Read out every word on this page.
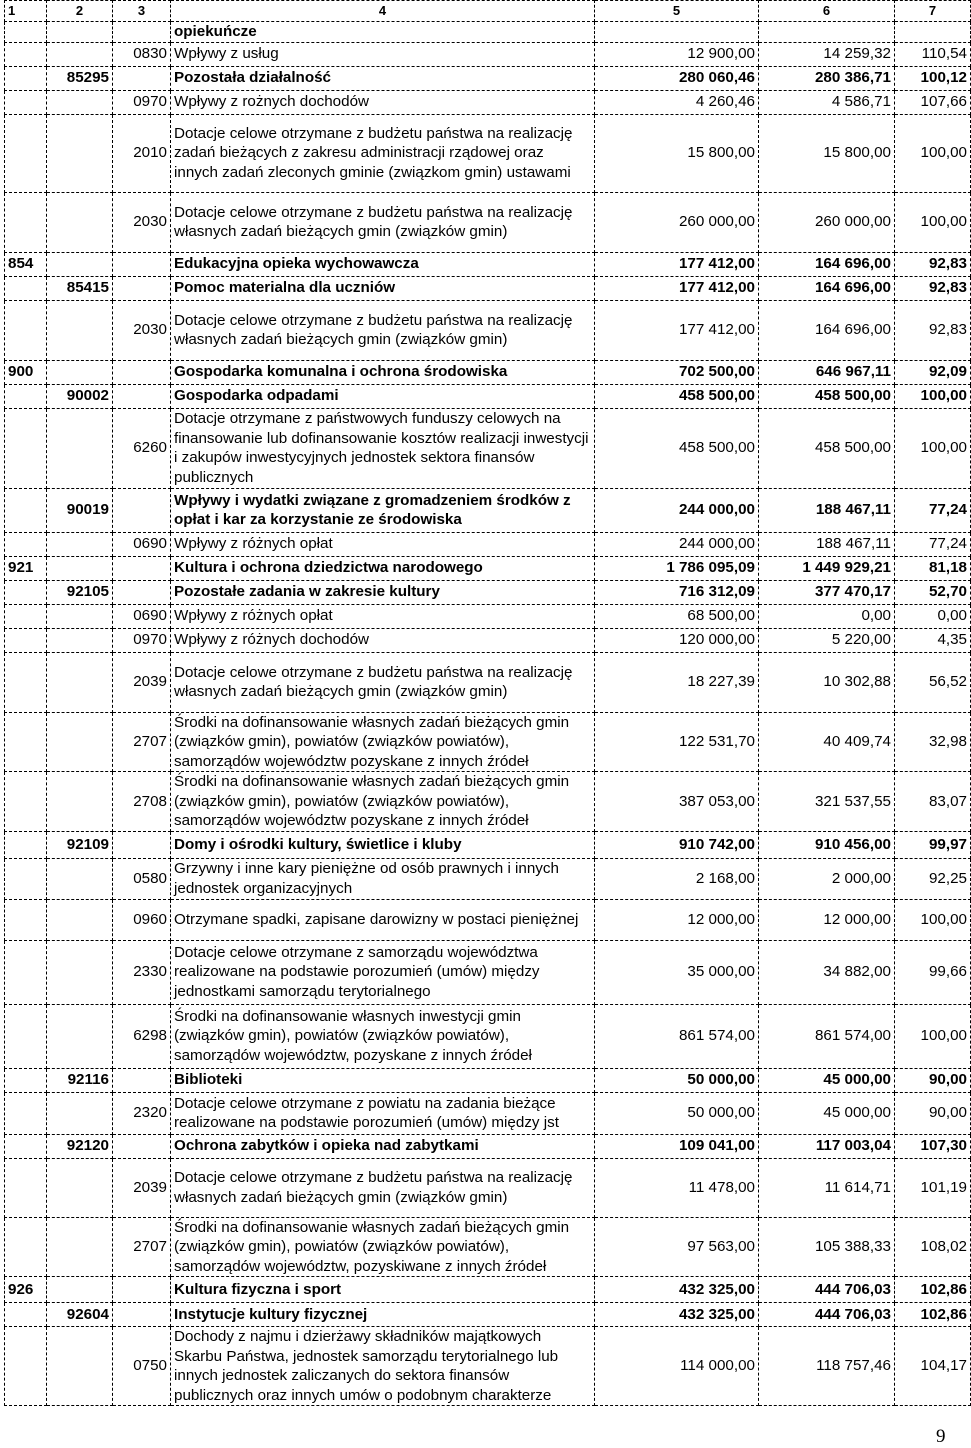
1	2	3	4	5	6	7
			opiekuńcze			
		0830	Wpływy z usług	12 900,00	14 259,32	110,54
	85295		Pozostała działalność	280 060,46	280 386,71	100,12
		0970	Wpływy z rożnych dochodów	4 260,46	4 586,71	107,66
		2010	Dotacje celowe otrzymane z budżetu państwa na realizację zadań bieżących z zakresu administracji rządowej oraz innych zadań zleconych gminie (związkom gmin) ustawami	15 800,00	15 800,00	100,00
		2030	Dotacje celowe otrzymane z budżetu państwa na realizację własnych zadań bieżących gmin (związków gmin)	260 000,00	260 000,00	100,00
854			Edukacyjna opieka wychowawcza	177 412,00	164 696,00	92,83
	85415		Pomoc materialna dla uczniów	177 412,00	164 696,00	92,83
		2030	Dotacje celowe otrzymane z budżetu państwa na realizację własnych zadań bieżących gmin (związków gmin)	177 412,00	164 696,00	92,83
900			Gospodarka komunalna i ochrona środowiska	702 500,00	646 967,11	92,09
	90002		Gospodarka odpadami	458 500,00	458 500,00	100,00
		6260	Dotacje otrzymane z państwowych funduszy celowych na finansowanie lub dofinansowanie kosztów realizacji inwestycji i zakupów inwestycyjnych jednostek sektora finansów publicznych	458 500,00	458 500,00	100,00
	90019		Wpływy i wydatki związane z gromadzeniem środków z opłat i kar za korzystanie ze środowiska	244 000,00	188 467,11	77,24
		0690	Wpływy z różnych opłat	244 000,00	188 467,11	77,24
921			Kultura i ochrona dziedzictwa narodowego	1 786 095,09	1 449 929,21	81,18
	92105		Pozostałe zadania w zakresie kultury	716 312,09	377 470,17	52,70
		0690	Wpływy z różnych opłat	68 500,00	0,00	0,00
		0970	Wpływy z różnych dochodów	120 000,00	5 220,00	4,35
		2039	Dotacje celowe otrzymane z budżetu państwa na realizację własnych zadań bieżących gmin (związków gmin)	18 227,39	10 302,88	56,52
		2707	Środki na dofinansowanie własnych zadań bieżących gmin (związków gmin), powiatów (związków powiatów), samorządów województw pozyskane z innych źródeł	122 531,70	40 409,74	32,98
		2708	Środki na dofinansowanie własnych zadań bieżących gmin (związków gmin), powiatów (związków powiatów), samorządów województw pozyskane z innych źródeł	387 053,00	321 537,55	83,07
	92109		Domy i ośrodki kultury, świetlice i kluby	910 742,00	910 456,00	99,97
		0580	Grzywny i inne kary pieniężne od osób prawnych i innych jednostek organizacyjnych	2 168,00	2 000,00	92,25
		0960	Otrzymane spadki, zapisane darowizny w postaci pieniężnej	12 000,00	12 000,00	100,00
		2330	Dotacje celowe otrzymane z samorządu województwa realizowane na podstawie porozumień (umów) między jednostkami samorządu terytorialnego	35 000,00	34 882,00	99,66
		6298	Środki na dofinansowanie własnych inwestycji gmin (związków gmin), powiatów (związków powiatów), samorządów województw, pozyskane z innych źródeł	861 574,00	861 574,00	100,00
	92116		Biblioteki	50 000,00	45 000,00	90,00
		2320	Dotacje celowe otrzymane z powiatu na zadania bieżące realizowane na podstawie porozumień (umów) między jst	50 000,00	45 000,00	90,00
	92120		Ochrona zabytków i opieka nad zabytkami	109 041,00	117 003,04	107,30
		2039	Dotacje celowe otrzymane z budżetu państwa na realizację własnych zadań bieżących gmin (związków gmin)	11 478,00	11 614,71	101,19
		2707	Środki na dofinansowanie własnych zadań bieżących gmin (związków gmin), powiatów (związków powiatów), samorządów województw, pozyskiwane z innych źródeł	97 563,00	105 388,33	108,02
926			Kultura fizyczna i sport	432 325,00	444 706,03	102,86
	92604		Instytucje kultury fizycznej	432 325,00	444 706,03	102,86
		0750	Dochody z najmu i dzierżawy składników majątkowych Skarbu Państwa, jednostek samorządu terytorialnego lub innych jednostek zaliczanych do sektora finansów publicznych oraz innych umów o podobnym charakterze	114 000,00	118 757,46	104,17
9
